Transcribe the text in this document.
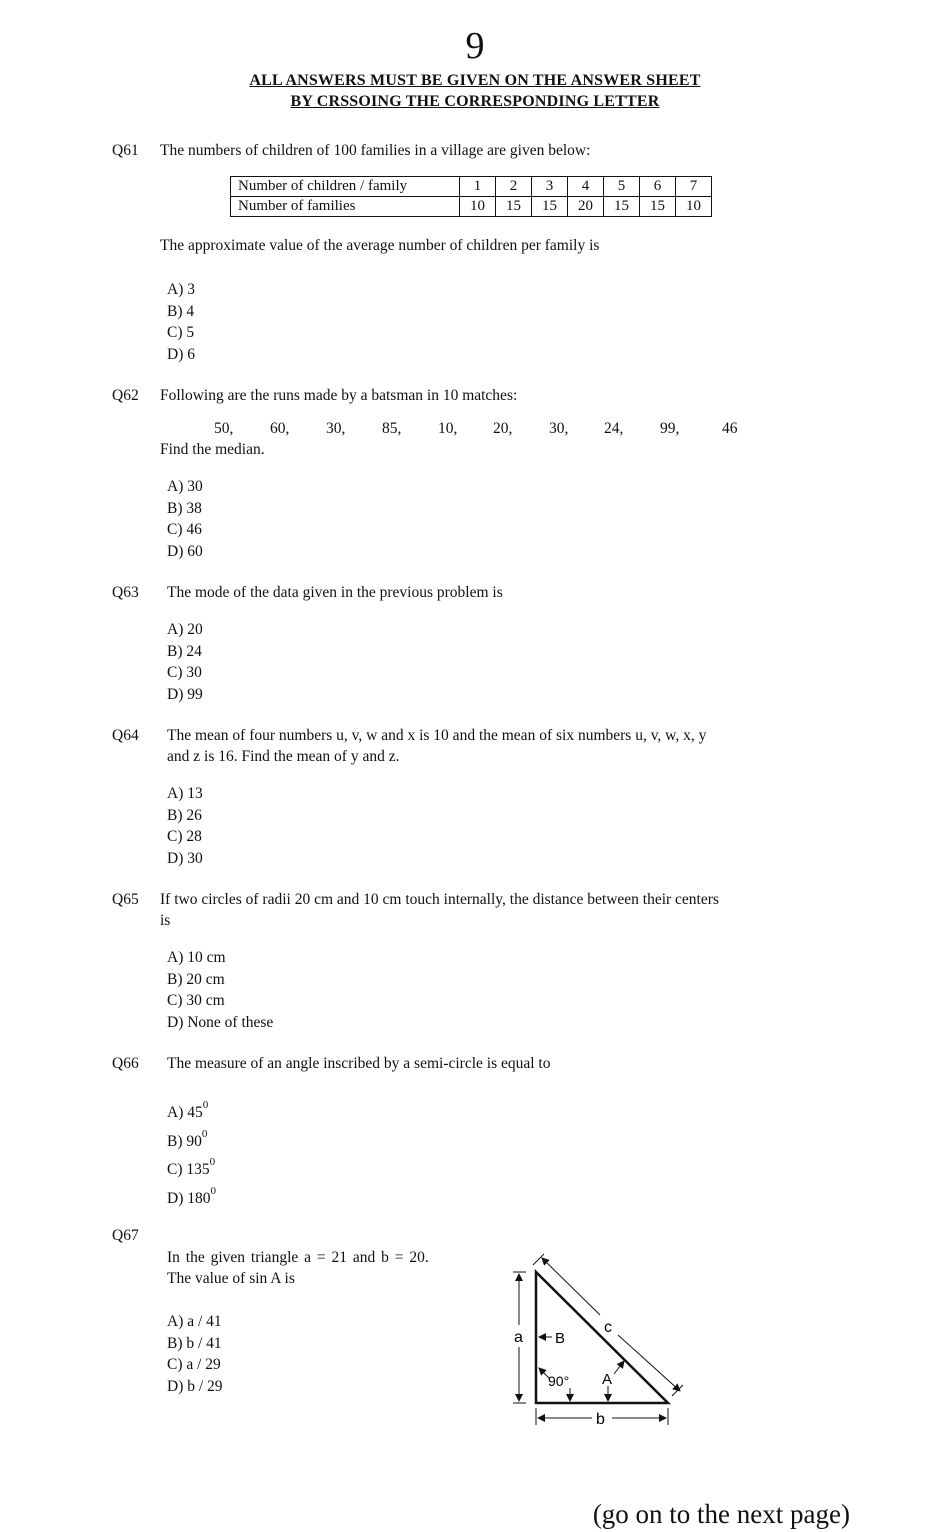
9
ALL ANSWERS MUST BE GIVEN ON THE ANSWER SHEET
BY CRSSOING THE CORRESPONDING LETTER
Q61 The numbers of children of 100 families in a village are given below:
Number of children / family	1	2	3	4	5	6	7
Number of families	10	15	15	20	15	15	10
The approximate value of the average number of children per family is
A) 3
B) 4
C) 5
D) 6
Q62 Following are the runs made by a batsman in 10 matches:
50, 60, 30, 85, 10, 20, 30, 24, 99,	46
Find the median.
A) 30
B) 38
C) 46
D) 60
Q63 The mode of the data given in the previous problem is
A) 20
B) 24
C) 30
D) 99
Q64 The mean of four numbers u, v, w and x is 10 and the mean of six numbers u, v, w, x, y
and z is 16. Find the mean of y and z.
A) 13
B) 26
C) 28
D) 30
Q65 If two circles of radii 20 cm and 10 cm touch internally, the distance between their centers
is
A) 10 cm
B) 20 cm
C) 30 cm
D) None of these
Q66 The measure of an angle inscribed by a semi-circle is equal to
A) $45^0$
B) $90^0$
C) $135^0$
D) $180^0$
Q67
In the given triangle a = 21 and b = 20.
The value of sin A is
A) a / 41
B) b / 41
C) a / 29
D) b / 29
a
b
c
B
90° A
(go on to the next page)
